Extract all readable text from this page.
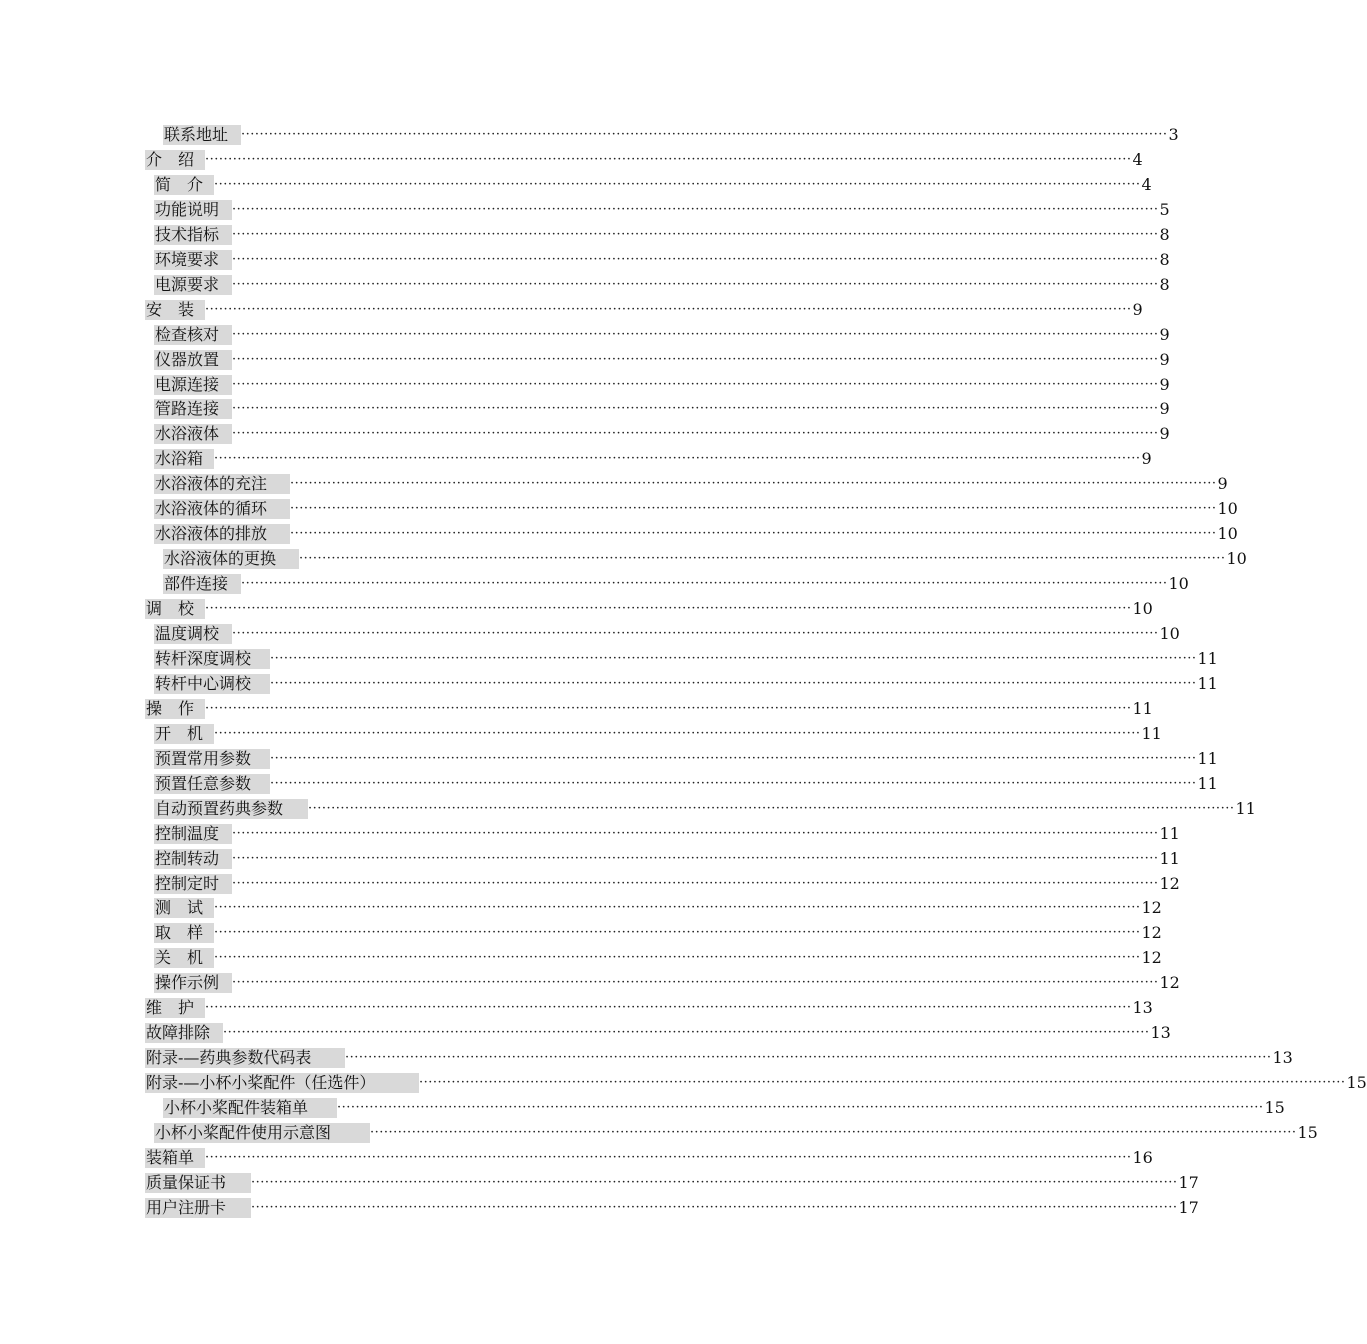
联系地址 ········································································································································································································ 3
介　绍 ········································································································································································································ 4
简　介 ········································································································································································································ 4
功能说明 ········································································································································································································ 5
技术指标 ········································································································································································································ 8
环境要求 ········································································································································································································ 8
电源要求 ········································································································································································································ 8
安　装 ········································································································································································································ 9
检查核对 ········································································································································································································ 9
仪器放置 ········································································································································································································ 9
电源连接 ········································································································································································································ 9
管路连接 ········································································································································································································ 9
水浴液体 ········································································································································································································ 9
水浴箱 ········································································································································································································ 9
水浴液体的充注	········································································································································································································ 9
水浴液体的循环	········································································································································································································ 10
水浴液体的排放	········································································································································································································ 10
水浴液体的更换	········································································································································································································ 10
部件连接 ········································································································································································································ 10
调　校 ········································································································································································································ 10
温度调校 ········································································································································································································ 10
转杆深度调校	········································································································································································································ 11
转杆中心调校	········································································································································································································ 11
操　作 ········································································································································································································ 11
开　机 ········································································································································································································ 11
预置常用参数	········································································································································································································ 11
预置任意参数	········································································································································································································ 11
自动预置药典参数	········································································································································································································ 11
控制温度 ········································································································································································································ 11
控制转动 ········································································································································································································ 11
控制定时 ········································································································································································································ 12
测　试 ········································································································································································································ 12
取　样 ········································································································································································································ 12
关　机 ········································································································································································································ 12
操作示例 ········································································································································································································ 12
维　护 ········································································································································································································ 13
故障排除 ········································································································································································································ 13
附录-—药典参数代码表	········································································································································································································ 13
附录-—小杯小桨配件（任选件）	········································································································································································································ 15
小杯小桨配件装箱单	········································································································································································································ 15
小杯小桨配件使用示意图	········································································································································································································ 15
装箱单 ········································································································································································································ 16
质量保证书	········································································································································································································ 17
用户注册卡	········································································································································································································ 17
